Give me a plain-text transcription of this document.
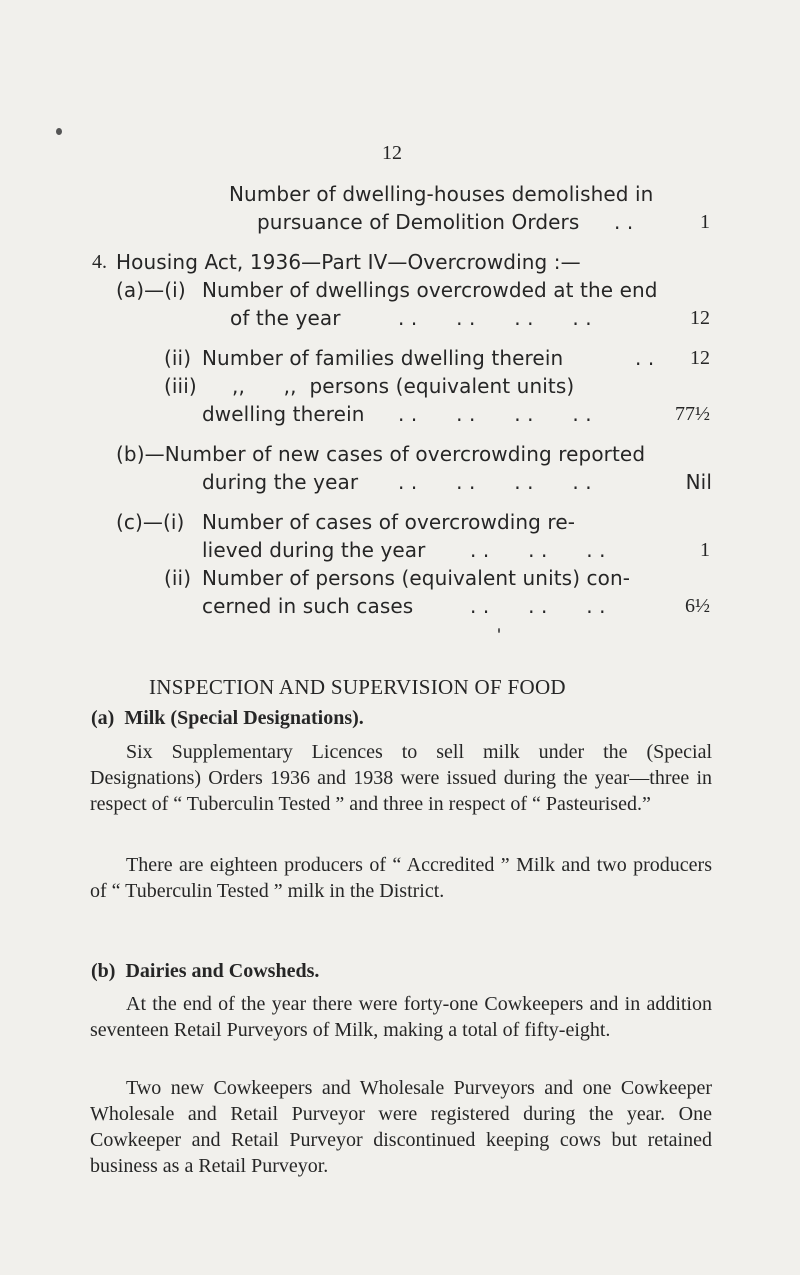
12
Number of dwelling-houses demolished in
pursuance of Demolition Orders . .	1
4. Housing Act, 1936—Part IV—Overcrowding :—
(a)—(i) Number of dwellings overcrowded at the end
of the year	. .      . .      . .      . .	12
(ii) Number of families dwelling therein	. . 12
(iii) ,,      ,,  persons (equivalent units)
dwelling therein . .      . .      . .      . .	77½
(b)—Number of new cases of overcrowding reported
during the year . .      . .      . .      . .	Nil
(c)—(i) Number of cases of overcrowding re-
lieved during the year . .      . .      . .	1
(ii) Number of persons (equivalent units) con-
cerned in such cases	. .      . .      . .	6½
INSPECTION AND SUPERVISION OF FOOD
(a)  Milk (Special Designations).

Six Supplementary Licences to sell milk under the (Special Designations) Orders 1936 and 1938 were issued during the year—three in respect of “ Tuberculin Tested ” and three in respect of “ Pasteurised.”

There are eighteen producers of “ Accredited ” Milk and two producers of “ Tuberculin Tested ” milk in the District.

(b)  Dairies and Cowsheds.

At the end of the year there were forty-one Cowkeepers and in addition seventeen Retail Purveyors of Milk, making a total of fifty-eight.

Two new Cowkeepers and Wholesale Purveyors and one Cowkeeper Wholesale and Retail Purveyor were registered during the year. One Cowkeeper and Retail Purveyor discontinued keeping cows but retained business as a Retail Purveyor.
